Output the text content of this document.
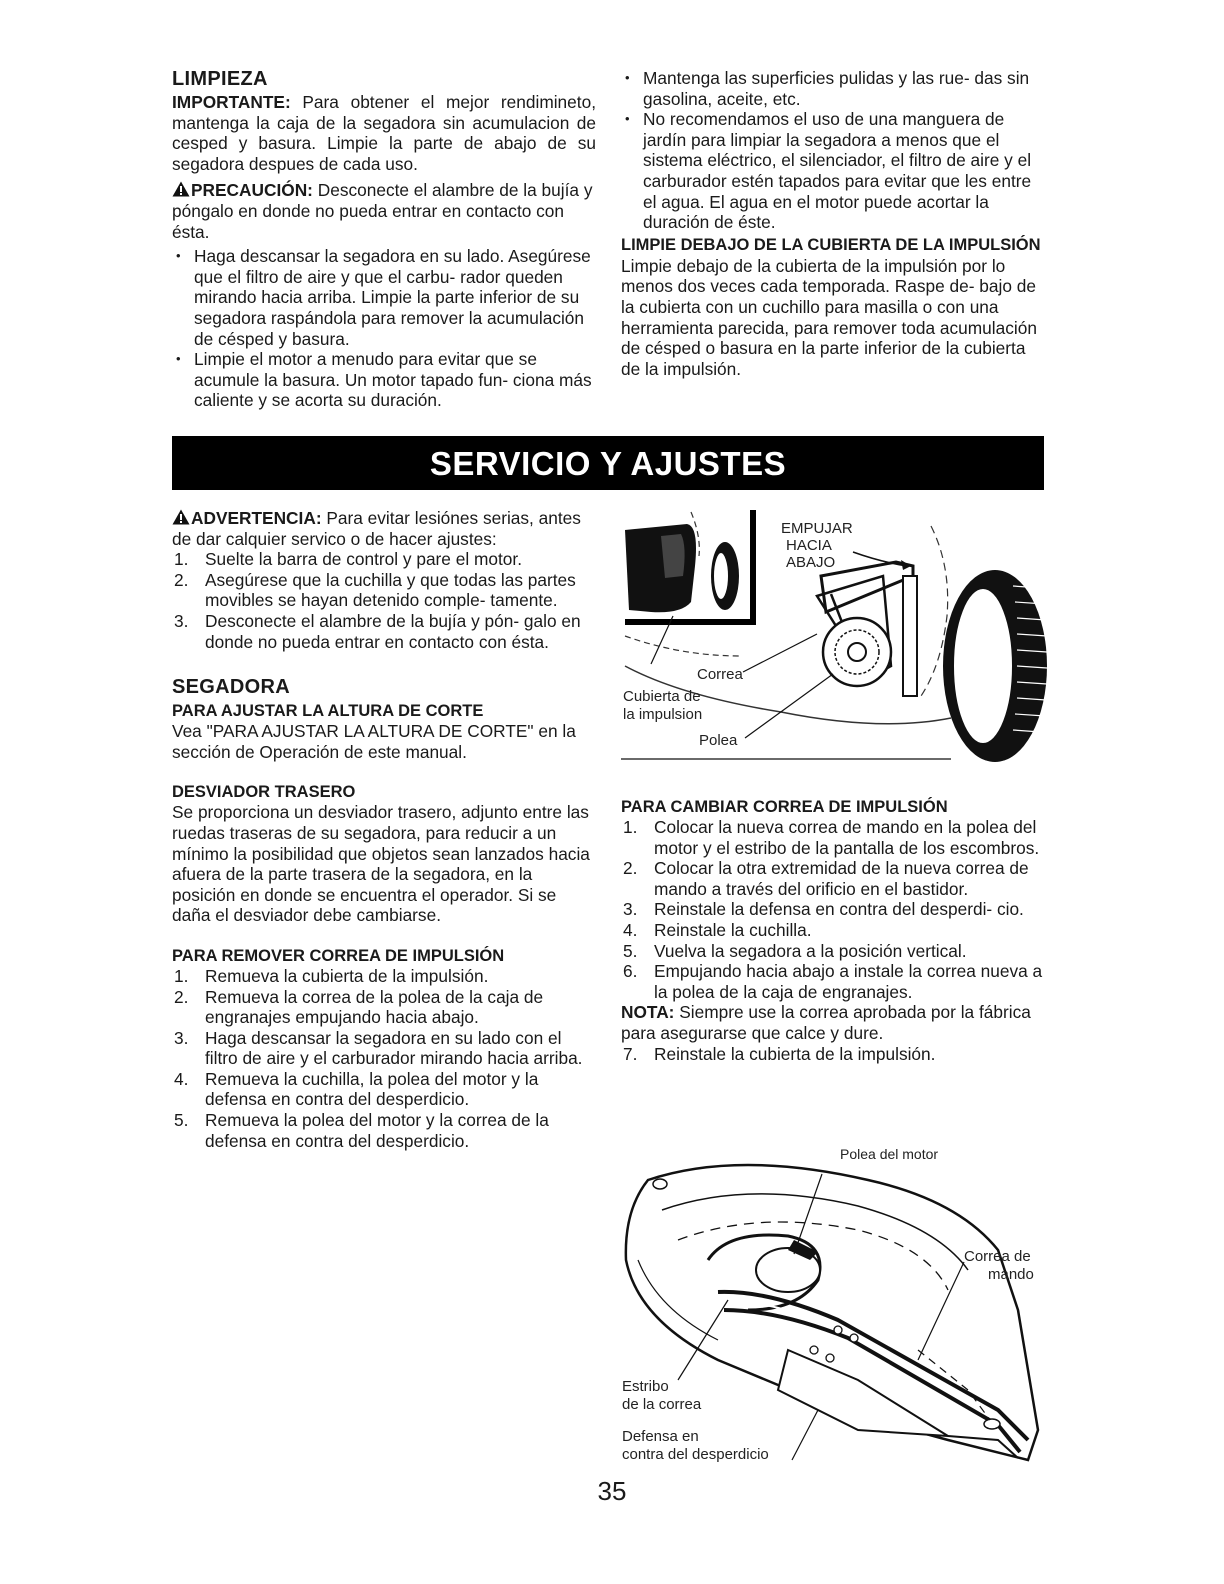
LIMPIEZA

IMPORTANTE: Para obtener el mejor rendimineto, mantenga la caja de la segadora sin acumulacion de cesped y basura. Limpie la parte de abajo de su segadora despues de cada uso.

PRECAUCIÓN: Desconecte el alambre de la bujía y póngalo en donde no pueda entrar en contacto con ésta.

• Haga descansar la segadora en su lado. Asegúrese que el filtro de aire y que el carbu- rador queden mirando hacia arriba. Limpie la parte inferior de su segadora raspándola para remover la acumulación de césped y basura.
• Limpie el motor a menudo para evitar que se acumule la basura. Un motor tapado fun- ciona más caliente y se acorta su duración.
• Mantenga las superficies pulidas y las rue- das sin gasolina, aceite, etc.
• No recomendamos el uso de una manguera de jardín para limpiar la segadora a menos que el sistema eléctrico, el silenciador, el filtro de aire y el carburador estén tapados para evitar que les entre el agua. El agua en el motor puede acortar la duración de éste.

LIMPIE DEBAJO DE LA CUBIERTA DE LA IMPULSIÓN

Limpie debajo de la cubierta de la impulsión por lo menos dos veces cada temporada. Raspe de- bajo de la cubierta con un cuchillo para masilla o con una herramienta parecida, para remover toda acumulación de césped o basura en la parte inferior de la cubierta de la impulsión.

SERVICIO Y AJUSTES

ADVERTENCIA: Para evitar lesiónes serias, antes de dar calquier servico o de hacer ajustes:

1. Suelte la barra de control y pare el motor.
2. Asegúrese que la cuchilla y que todas las partes movibles se hayan detenido comple- tamente.
3. Desconecte el alambre de la bujía y pón- galo en donde no pueda entrar en contacto con ésta.

SEGADORA

PARA AJUSTAR LA ALTURA DE CORTE

Vea "PARA AJUSTAR LA ALTURA DE CORTE" en la sección de Operación de este manual.

DESVIADOR TRASERO

Se proporciona un desviador trasero, adjunto entre las ruedas traseras de su segadora, para reducir a un mínimo la posibilidad que objetos sean lanzados hacia afuera de la parte trasera de la segadora, en la posición en donde se encuentra el operador. Si se daña el desviador debe cambiarse.

PARA REMOVER CORREA DE IMPULSIÓN

1. Remueva la cubierta de la impulsión.
2. Remueva la correa de la polea de la caja de engranajes empujando hacia abajo.
3. Haga descansar la segadora en su lado con el filtro de aire y el carburador mirando hacia arriba.
4. Remueva la cuchilla, la polea del motor y la defensa en contra del desperdicio.
5. Remueva la polea del motor y la correa de la defensa en contra del desperdicio.
EMPUJAR
HACIA
ABAJO
Correa
Cubierta de
la impulsion
Polea

PARA CAMBIAR CORREA DE IMPULSIÓN

1. Colocar la nueva correa de mando en la polea del motor y el estribo de la pantalla de los escombros.
2. Colocar la otra extremidad de la nueva correa de mando a través del orificio en el bastidor.
3. Reinstale la defensa en contra del desperdi- cio.
4. Reinstale la cuchilla.
5. Vuelva la segadora a la posición vertical.
6. Empujando hacia abajo a instale la correa nueva a la polea de la caja de engranajes.

NOTA: Siempre use la correa aprobada por la fábrica para asegurarse que calce y dure.

7. Reinstale la cubierta de la impulsión.
Polea del motor
Correa de
mando
Estribo
de la correa
Defensa en
contra del desperdicio
35
